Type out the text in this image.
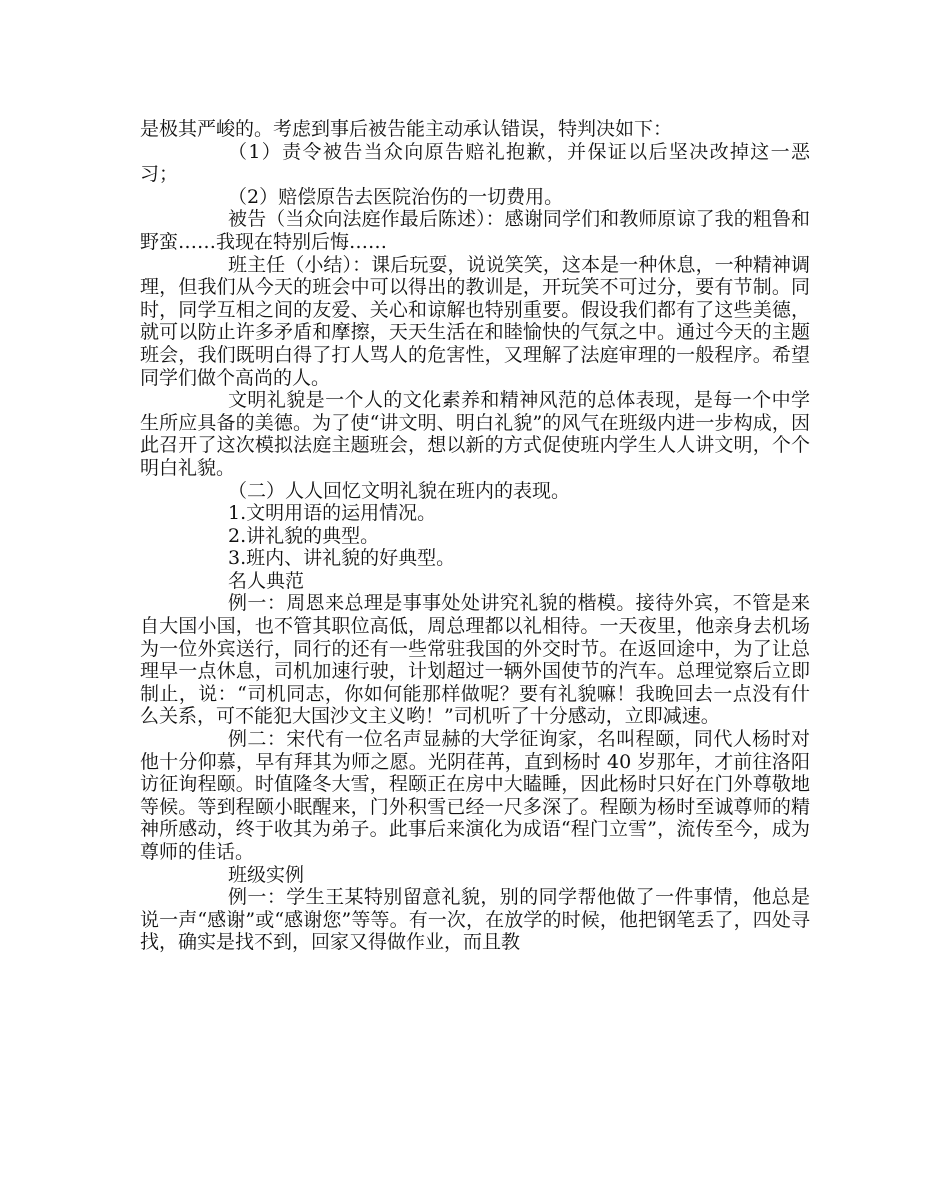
是极其严峻的。考虑到事后被告能主动承认错误，特判决如下：

（1）责令被告当众向原告赔礼抱歉，并保证以后坚决改掉这一恶习；

（2）赔偿原告去医院治伤的一切费用。

被告（当众向法庭作最后陈述）：感谢同学们和教师原谅了我的粗鲁和野蛮……我现在特别后悔……

班主任（小结）：课后玩耍，说说笑笑，这本是一种休息，一种精神调理，但我们从今天的班会中可以得出的教训是，开玩笑不可过分，要有节制。同时，同学互相之间的友爱、关心和谅解也特别重要。假设我们都有了这些美德，就可以防止许多矛盾和摩擦，天天生活在和睦愉快的气氛之中。通过今天的主题班会，我们既明白得了打人骂人的危害性，又理解了法庭审理的一般程序。希望同学们做个高尚的人。

文明礼貌是一个人的文化素养和精神风范的总体表现，是每一个中学生所应具备的美德。为了使“讲文明、明白礼貌”的风气在班级内进一步构成，因此召开了这次模拟法庭主题班会，想以新的方式促使班内学生人人讲文明，个个明白礼貌。

（二）人人回忆文明礼貌在班内的表现。

1.文明用语的运用情况。

2.讲礼貌的典型。

3.班内、讲礼貌的好典型。

名人典范

例一：周恩来总理是事事处处讲究礼貌的楷模。接待外宾，不管是来自大国小国，也不管其职位高低，周总理都以礼相待。一天夜里，他亲身去机场为一位外宾送行，同行的还有一些常驻我国的外交时节。在返回途中，为了让总理早一点休息，司机加速行驶，计划超过一辆外国使节的汽车。总理觉察后立即制止，说：“司机同志，你如何能那样做呢？要有礼貌嘛！我晚回去一点没有什么关系，可不能犯大国沙文主义哟！”司机听了十分感动，立即减速。

例二：宋代有一位名声显赫的大学征询家，名叫程颐，同代人杨时对他十分仰慕，早有拜其为师之愿。光阴荏苒，直到杨时 40 岁那年，才前往洛阳访征询程颐。时值隆冬大雪，程颐正在房中大瞌睡，因此杨时只好在门外尊敬地等候。等到程颐小眠醒来，门外积雪已经一尺多深了。程颐为杨时至诚尊师的精神所感动，终于收其为弟子。此事后来演化为成语“程门立雪”，流传至今，成为尊师的佳话。

班级实例

例一：学生王某特别留意礼貌，别的同学帮他做了一件事情，他总是说一声“感谢”或“感谢您”等等。有一次，在放学的时候，他把钢笔丢了，四处寻找，确实是找不到，回家又得做作业，而且教
